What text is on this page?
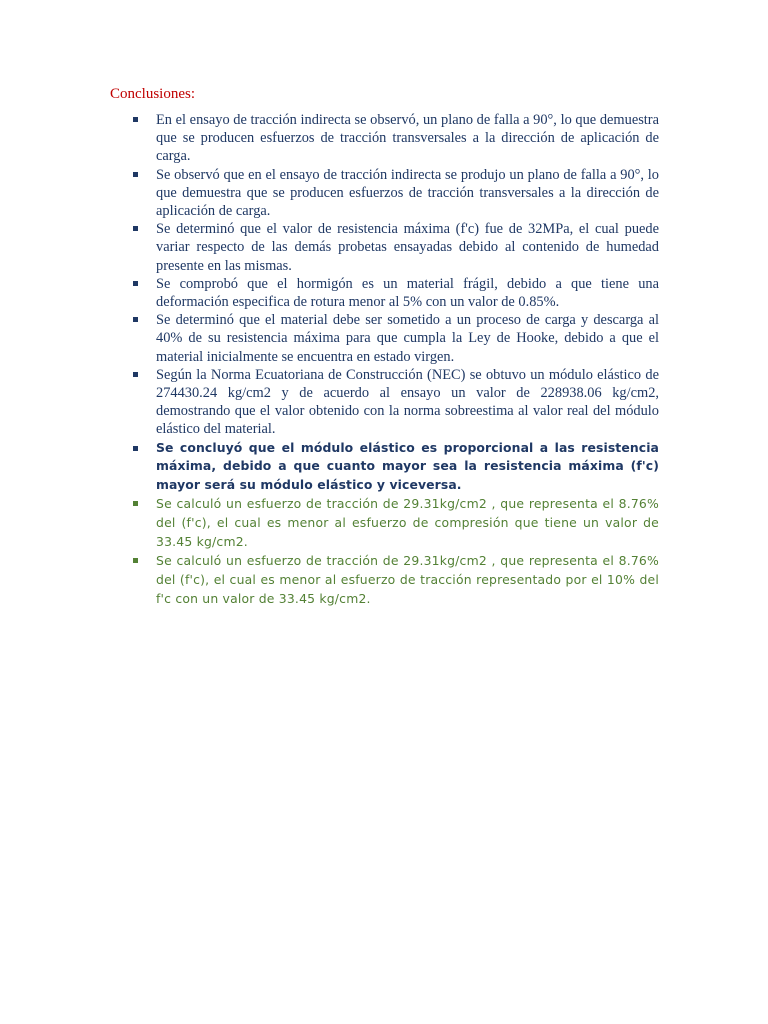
Conclusiones:
En el ensayo de tracción indirecta se observó, un plano de falla a 90°, lo que demuestra que se producen esfuerzos de tracción transversales a la dirección de aplicación de carga.
Se observó que en el ensayo de tracción indirecta se produjo un plano de falla a 90°, lo que demuestra que se producen esfuerzos de tracción transversales a la dirección de aplicación de carga.
Se determinó que el valor de resistencia máxima (f'c) fue de 32MPa, el cual puede variar respecto de las demás probetas ensayadas debido al contenido de humedad presente en las mismas.
Se comprobó que el hormigón es un material frágil, debido a que tiene una deformación especifica de rotura menor al 5% con un valor de 0.85%.
Se determinó que el material debe ser sometido a un proceso de carga y descarga al 40% de su resistencia máxima para que cumpla la Ley de Hooke, debido a que el material inicialmente se encuentra en estado virgen.
Según la Norma Ecuatoriana de Construcción (NEC) se obtuvo un módulo elástico de 274430.24 kg/cm2 y de acuerdo al ensayo un valor de 228938.06 kg/cm2, demostrando que el valor obtenido con la norma sobreestima al valor real del módulo elástico del material.
Se concluyó que el módulo elástico es proporcional a las resistencia máxima, debido a que cuanto mayor sea la resistencia máxima (f'c) mayor será su módulo elástico y viceversa.
Se calculó un esfuerzo de tracción de 29.31kg/cm2 , que representa el 8.76% del (f'c), el cual es menor al esfuerzo de compresión que tiene un valor de 33.45 kg/cm2.
Se calculó un esfuerzo de tracción de 29.31kg/cm2 , que representa el 8.76% del (f'c), el cual es menor al esfuerzo de tracción representado por el 10% del f'c con un valor de 33.45 kg/cm2.
